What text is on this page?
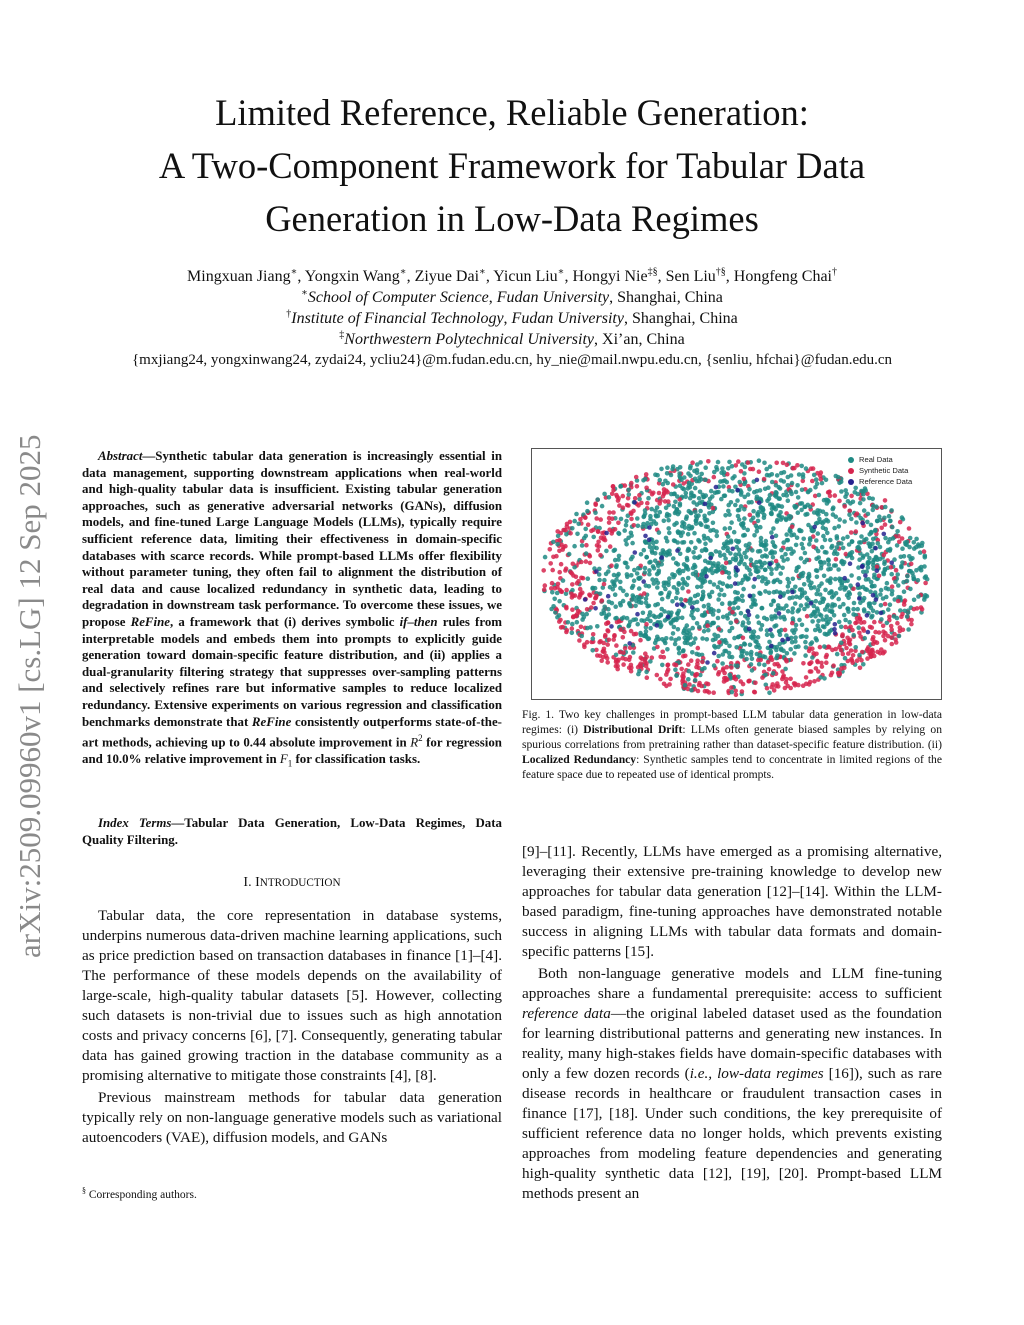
Limited Reference, Reliable Generation:
A Two-Component Framework for Tabular Data
Generation in Low-Data Regimes
Mingxuan Jiang∗, Yongxin Wang∗, Ziyue Dai∗, Yicun Liu∗, Hongyi Nie‡§, Sen Liu†§, Hongfeng Chai†
∗School of Computer Science, Fudan University, Shanghai, China
†Institute of Financial Technology, Fudan University, Shanghai, China
‡Northwestern Polytechnical University, Xi’an, China
{mxjiang24, yongxinwang24, zydai24, ycliu24}@m.fudan.edu.cn, hy_nie@mail.nwpu.edu.cn, {senliu, hfchai}@fudan.edu.cn
arXiv:2509.09960v1 [cs.LG] 12 Sep 2025	Abstract—Synthetic tabular data generation is increasingly essential in data management, supporting downstream applications when real-world and high-quality tabular data is insufficient. Existing tabular generation approaches, such as generative adversarial networks (GANs), diffusion models, and fine-tuned Large Language Models (LLMs), typically require sufficient reference data, limiting their effectiveness in domain-specific databases with scarce records. While prompt-based LLMs offer flexibility without parameter tuning, they often fail to alignment the distribution of real data and cause localized redundancy in synthetic data, leading to degradation in downstream task performance. To overcome these issues, we propose ReFine, a framework that (i) derives symbolic if–then rules from interpretable models and embeds them into prompts to explicitly guide generation toward domain-specific feature distribution, and (ii) applies a dual-granularity filtering strategy that suppresses over-sampling patterns and selectively refines rare but informative samples to reduce localized redundancy. Extensive experiments on various regression and classification benchmarks demonstrate that ReFine consistently outperforms state-of-the-art methods, achieving up to 0.44 absolute improvement in $R^2$ for regression and 10.0% relative improvement in $F_1$ for classification tasks.

Index Terms—Tabular Data Generation, Low-Data Regimes, Data Quality Filtering.

I. INTRODUCTION

Tabular data, the core representation in database systems, underpins numerous data-driven machine learning applications, such as price prediction based on transaction databases in finance [1]–[4]. The performance of these models depends on the availability of large-scale, high-quality tabular datasets [5]. However, collecting such datasets is non-trivial due to issues such as high annotation costs and privacy concerns [6], [7]. Consequently, generating tabular data has gained growing traction in the database community as a promising alternative to mitigate those constraints [4], [8].

Previous mainstream methods for tabular data generation typically rely on non-language generative models such as variational autoencoders (VAE), diffusion models, and GANs

§ Corresponding authors.
Real Data
Synthetic Data
Reference Data
Fig. 1. Two key challenges in prompt-based LLM tabular data generation in low-data regimes: (i) Distributional Drift: LLMs often generate biased samples by relying on spurious correlations from pretraining rather than dataset-specific feature distribution. (ii) Localized Redundancy: Synthetic samples tend to concentrate in limited regions of the feature space due to repeated use of identical prompts.

[9]–[11]. Recently, LLMs have emerged as a promising alternative, leveraging their extensive pre-training knowledge to develop new approaches for tabular data generation [12]–[14]. Within the LLM-based paradigm, fine-tuning approaches have demonstrated notable success in aligning LLMs with tabular data formats and domain-specific patterns [15].

Both non-language generative models and LLM fine-tuning approaches share a fundamental prerequisite: access to sufficient reference data—the original labeled dataset used as the foundation for learning distributional patterns and generating new instances. In reality, many high-stakes fields have domain-specific databases with only a few dozen records (i.e., low-data regimes [16]), such as rare disease records in healthcare or fraudulent transaction cases in finance [17], [18]. Under such conditions, the key prerequisite of sufficient reference data no longer holds, which prevents existing approaches from modeling feature dependencies and generating high-quality synthetic data [12], [19], [20]. Prompt-based LLM methods present an
